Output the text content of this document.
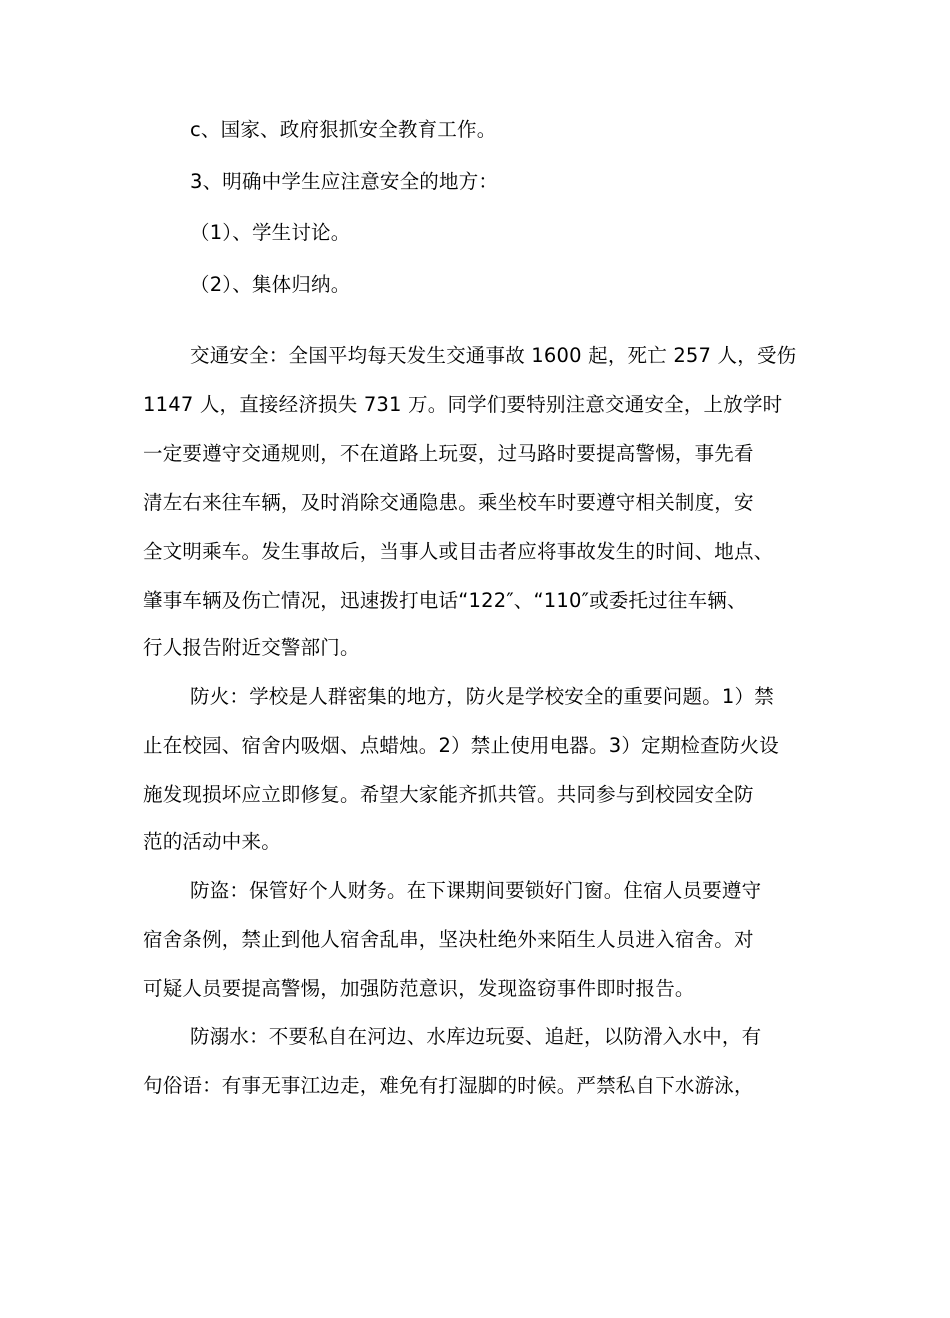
c、国家、政府狠抓安全教育工作。
3、明确中学生应注意安全的地方：
（1）、学生讨论。
（2）、集体归纳。
交通安全：全国平均每天发生交通事故 1600 起，死亡 257 人，受伤
1147 人，直接经济损失 731 万。同学们要特别注意交通安全，上放学时
一定要遵守交通规则，不在道路上玩耍，过马路时要提高警惕，事先看
清左右来往车辆，及时消除交通隐患。乘坐校车时要遵守相关制度，安
全文明乘车。发生事故后，当事人或目击者应将事故发生的时间、地点、
肇事车辆及伤亡情况，迅速拨打电话“122″、“110″或委托过往车辆、
行人报告附近交警部门。
防火：学校是人群密集的地方，防火是学校安全的重要问题。1）禁
止在校园、宿舍内吸烟、点蜡烛。2）禁止使用电器。3）定期检查防火设
施发现损坏应立即修复。希望大家能齐抓共管。共同参与到校园安全防
范的活动中来。
防盗：保管好个人财务。在下课期间要锁好门窗。住宿人员要遵守
宿舍条例，禁止到他人宿舍乱串，坚决杜绝外来陌生人员进入宿舍。对
可疑人员要提高警惕，加强防范意识，发现盗窃事件即时报告。
防溺水：不要私自在河边、水库边玩耍、追赶，以防滑入水中，有
句俗语：有事无事江边走，难免有打湿脚的时候。严禁私自下水游泳，
